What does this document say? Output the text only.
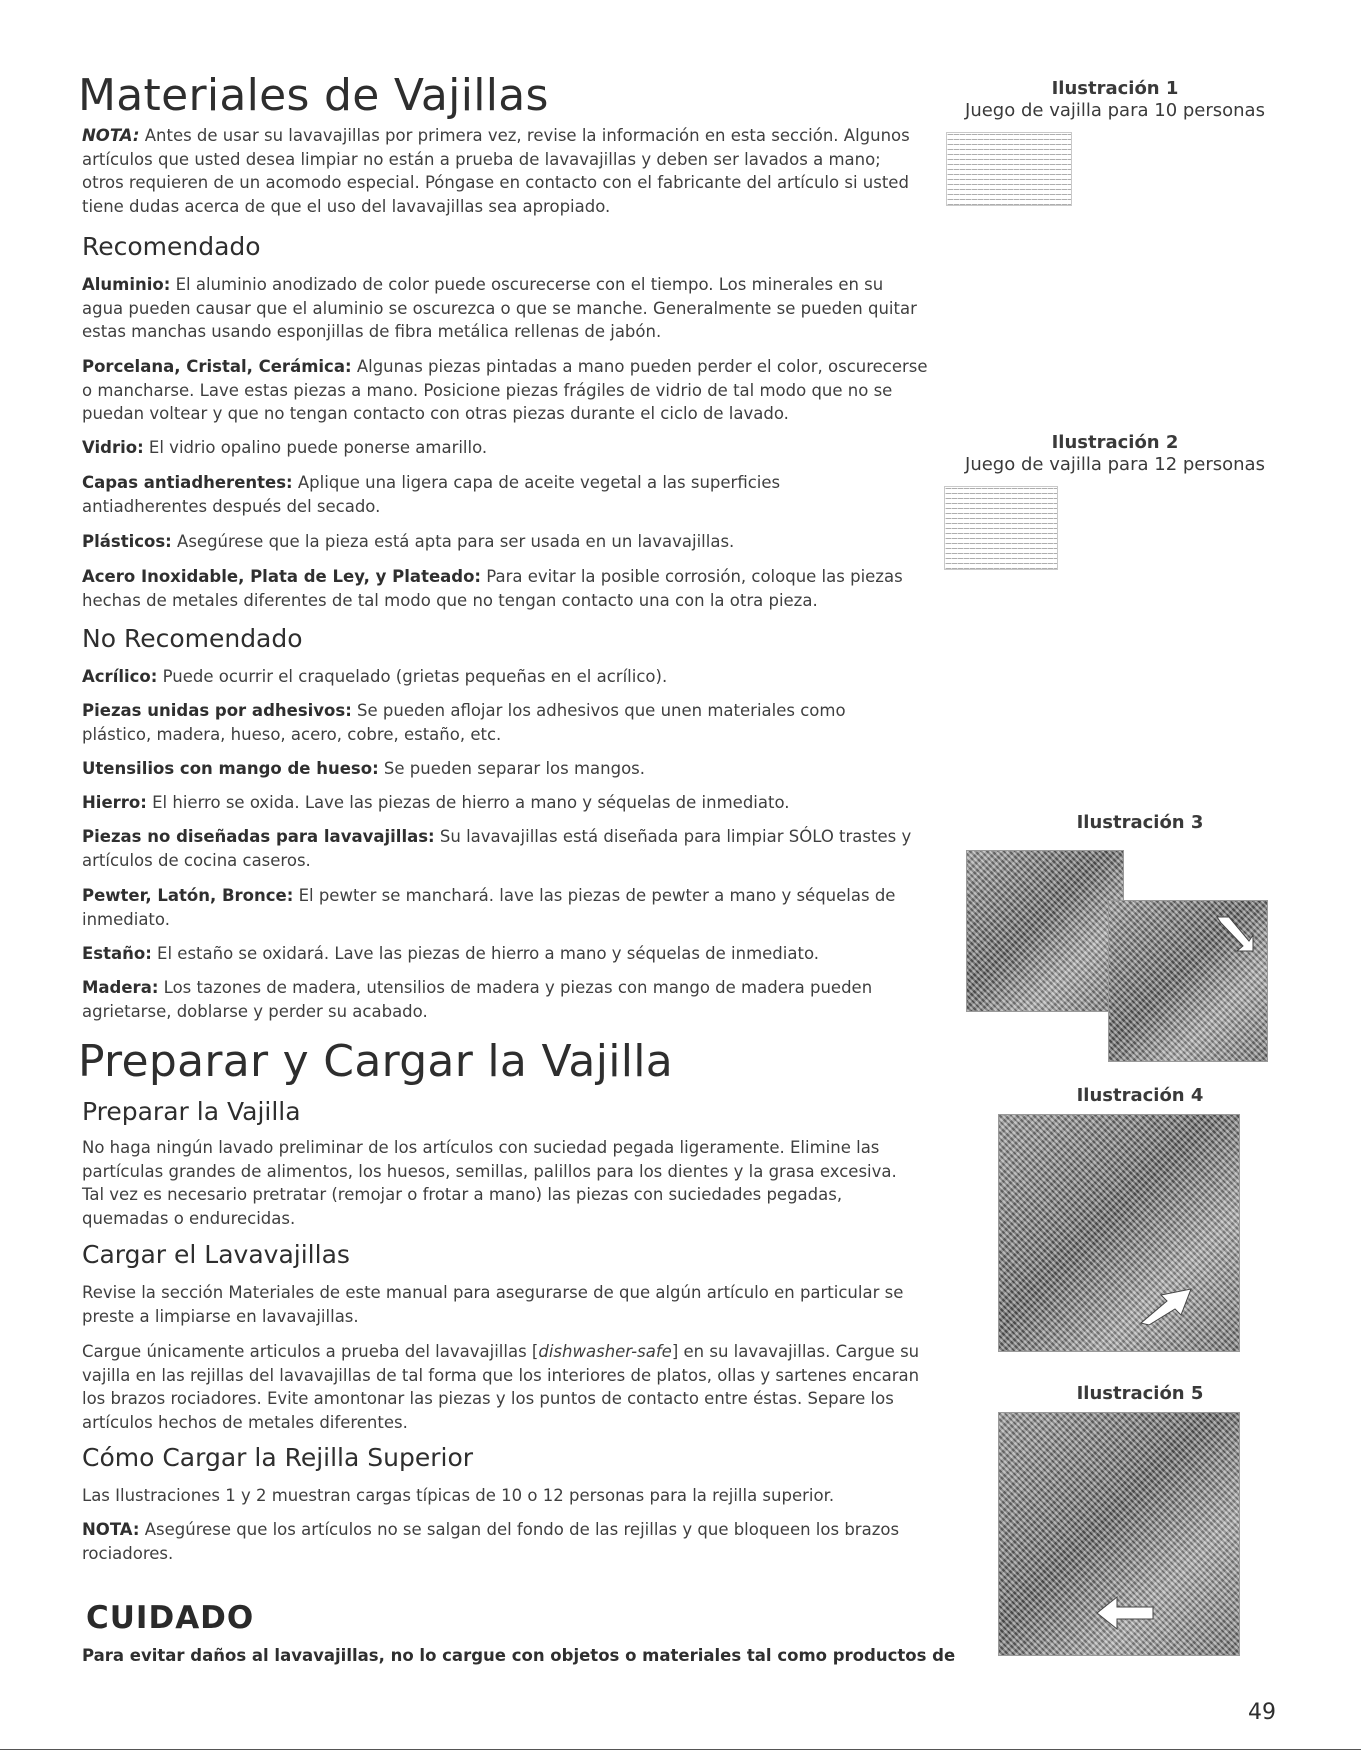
Materiales de Vajillas
NOTA: Antes de usar su lavavajillas por primera vez, revise la información en esta sección. Algunos artículos que usted desea limpiar no están a prueba de lavavajillas y deben ser lavados a mano; otros requieren de un acomodo especial. Póngase en contacto con el fabricante del artículo si usted tiene dudas acerca de que el uso del lavavajillas sea apropiado.
Recomendado
Aluminio: El aluminio anodizado de color puede oscurecerse con el tiempo. Los minerales en su agua pueden causar que el aluminio se oscurezca o que se manche. Generalmente se pueden quitar estas manchas usando esponjillas de fibra metálica rellenas de jabón.
Porcelana, Cristal, Cerámica: Algunas piezas pintadas a mano pueden perder el color, oscurecerse o mancharse. Lave estas piezas a mano. Posicione piezas frágiles de vidrio de tal modo que no se puedan voltear y que no tengan contacto con otras piezas durante el ciclo de lavado.
Vidrio: El vidrio opalino puede ponerse amarillo.
Capas antiadherentes: Aplique una ligera capa de aceite vegetal a las superficies antiadherentes después del secado.
Plásticos: Asegúrese que la pieza está apta para ser usada en un lavavajillas.
Acero Inoxidable, Plata de Ley, y Plateado: Para evitar la posible corrosión, coloque las piezas hechas de metales diferentes de tal modo que no tengan contacto una con la otra pieza.
No Recomendado
Acrílico: Puede ocurrir el craquelado (grietas pequeñas en el acrílico).
Piezas unidas por adhesivos: Se pueden aflojar los adhesivos que unen materiales como plástico, madera, hueso, acero, cobre, estaño, etc.
Utensilios con mango de hueso: Se pueden separar los mangos.
Hierro: El hierro se oxida. Lave las piezas de hierro a mano y séquelas de inmediato.
Piezas no diseñadas para lavavajillas: Su lavavajillas está diseñada para limpiar SÓLO trastes y artículos de cocina caseros.
Pewter, Latón, Bronce: El pewter se manchará. lave las piezas de pewter a mano y séquelas de inmediato.
Estaño: El estaño se oxidará. Lave las piezas de hierro a mano y séquelas de inmediato.
Madera: Los tazones de madera, utensilios de madera y piezas con mango de madera pueden agrietarse, doblarse y perder su acabado.
Preparar y Cargar la Vajilla
Preparar la Vajilla
No haga ningún lavado preliminar de los artículos con suciedad pegada ligeramente. Elimine las partículas grandes de alimentos, los huesos, semillas, palillos para los dientes y la grasa excesiva. Tal vez es necesario pretratar (remojar o frotar a mano) las piezas con suciedades pegadas, quemadas o endurecidas.
Cargar el Lavavajillas
Revise la sección Materiales de este manual para asegurarse de que algún artículo en particular se preste a limpiarse en lavavajillas.
Cargue únicamente articulos a prueba del lavavajillas [dishwasher-safe] en su lavavajillas. Cargue su vajilla en las rejillas del lavavajillas de tal forma que los interiores de platos, ollas y sartenes encaran los brazos rociadores. Evite amontonar las piezas y los puntos de contacto entre éstas. Separe los artículos hechos de metales diferentes.
Cómo Cargar la Rejilla Superior
Las Ilustraciones 1 y 2 muestran cargas típicas de 10 o 12 personas para la rejilla superior.
NOTA: Asegúrese que los artículos no se salgan del fondo de las rejillas y que bloqueen los brazos rociadores.
CUIDADO
Para evitar daños al lavavajillas, no lo cargue con objetos o materiales tal como productos de
Ilustración 1
Juego de vajilla para 10 personas
Ilustración 2
Juego de vajilla para 12 personas
Ilustración 3
Ilustración 4
Ilustración 5
49
